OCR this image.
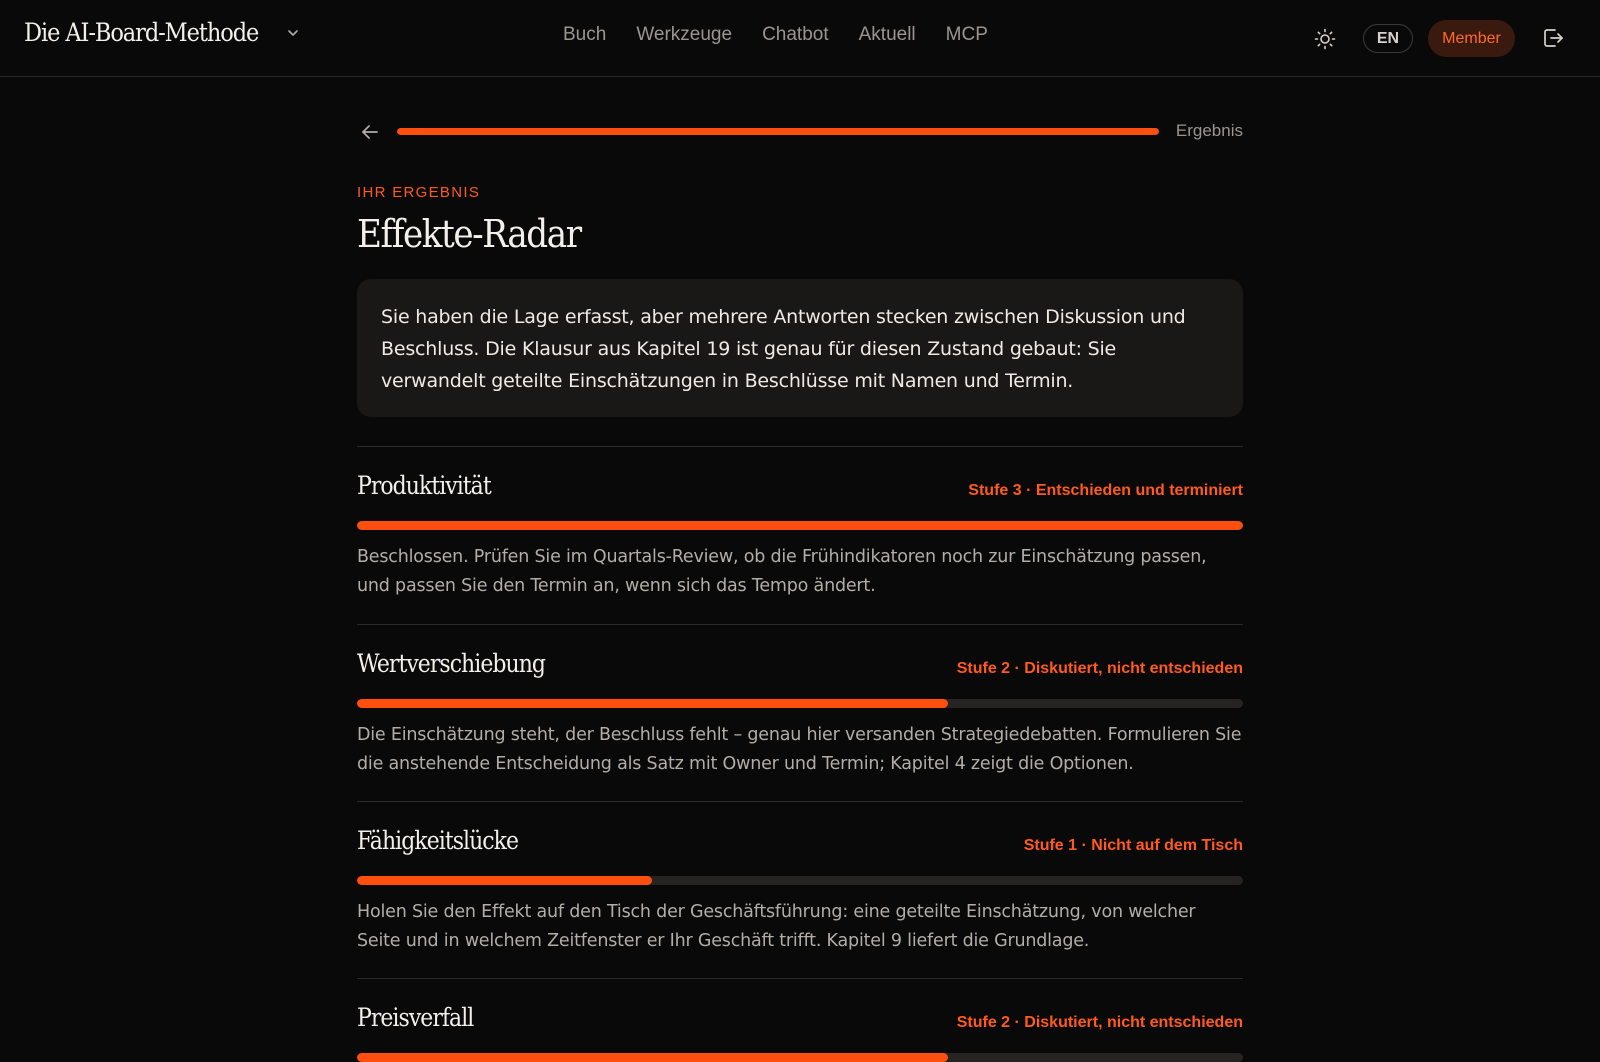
Die AI-Board-Methode	Buch Werkzeuge Chatbot Aktuell MCP	EN	Member
Ergebnis
IHR ERGEBNIS
Effekte-Radar
Sie haben die Lage erfasst, aber mehrere Antworten stecken zwischen Diskussion und Beschluss. Die Klausur aus Kapitel 19 ist genau für diesen Zustand gebaut: Sie verwandelt geteilte Einschätzungen in Beschlüsse mit Namen und Termin.
Produktivität	Stufe 3 · Entschieden und terminiert

Beschlossen. Prüfen Sie im Quartals-Review, ob die Frühindikatoren noch zur Einschätzung passen, und passen Sie den Termin an, wenn sich das Tempo ändert.

Wertverschiebung	Stufe 2 · Diskutiert, nicht entschieden

Die Einschätzung steht, der Beschluss fehlt – genau hier versanden Strategiedebatten. Formulieren Sie die anstehende Entscheidung als Satz mit Owner und Termin; Kapitel 4 zeigt die Optionen.

Fähigkeitslücke	Stufe 1 · Nicht auf dem Tisch

Holen Sie den Effekt auf den Tisch der Geschäftsführung: eine geteilte Einschätzung, von welcher Seite und in welchem Zeitfenster er Ihr Geschäft trifft. Kapitel 9 liefert die Grundlage.

Preisverfall	Stufe 2 · Diskutiert, nicht entschieden
